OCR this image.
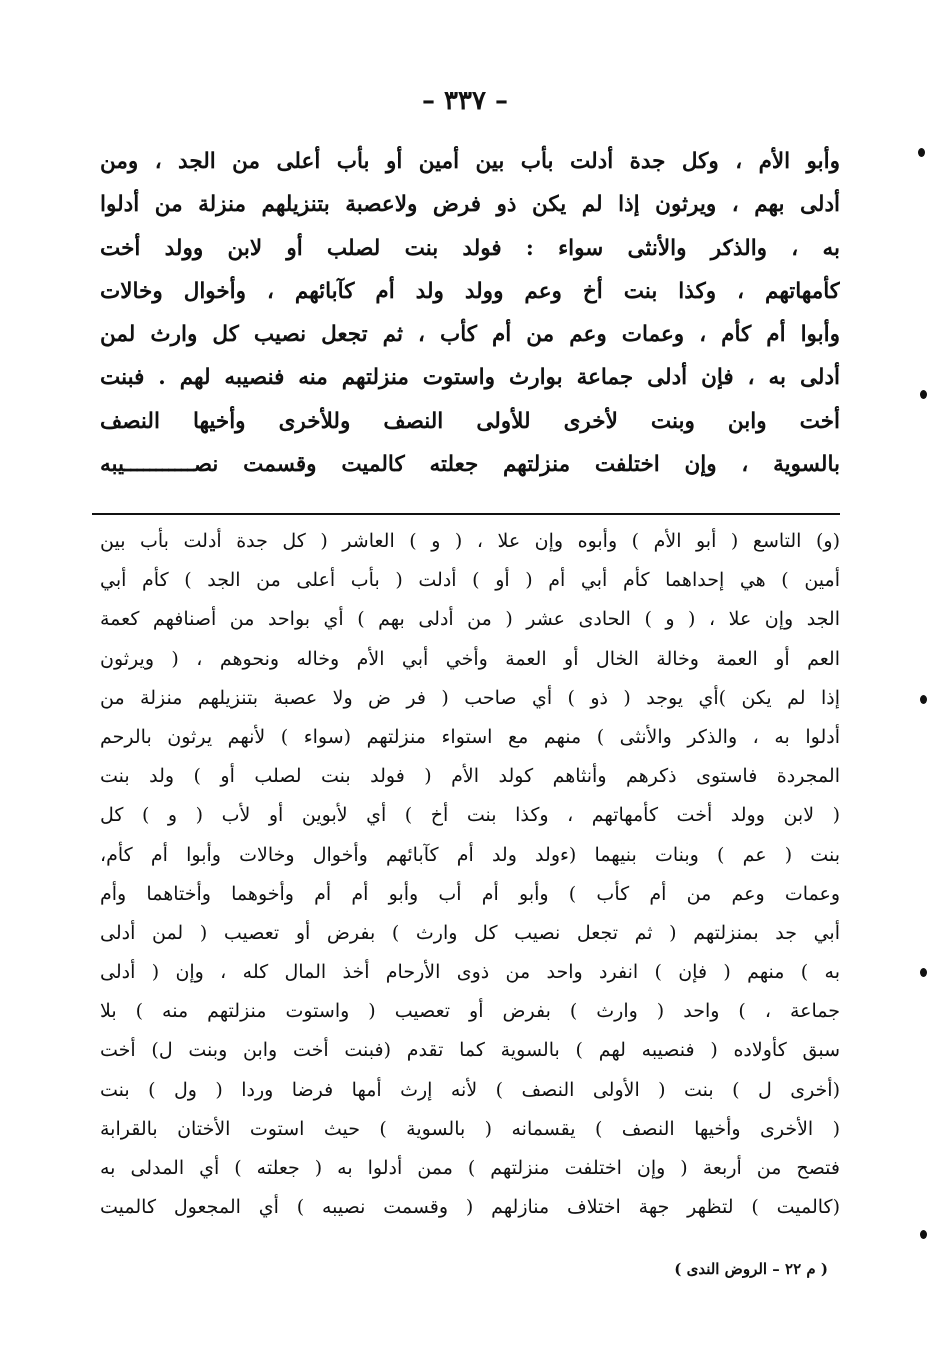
– ٣٣٧ –
وأبو الأم ، وكل جدة أدلت بأب بين أمين أو بأب أعلى من الجد ، ومن
أدلى بهم ، ويرثون إذا لم يكن ذو فرض ولاعصبة بتنزيلهم منزلة من أدلوا
به ، والذكر والأنثى سواء : فولد بنت لصلب أو لابن وولد أخت
كأمهاتهم ، وكذا بنت أخ وعم وولد ولد أم كآبائهم ، وأخوال وخالات
وأبوا أم كأم ، وعمات وعم من أم كأب ، ثم تجعل نصيب كل وارث لمن
أدلى به ، فإن أدلى جماعة بوارث واستوت منزلتهم منه فنصيبه لهم . فبنت
أخت وابن وبنت لأخرى للأولى النصف وللأخرى وأخيها النصف
بالسوية ، وإن اختلفت منزلتهم جعلته كالميت وقسمت نصـــــــــــيبه
(و) التاسع ( أبو الأم ) وأبوه وإن علا ، ( و ) العاشر ( كل جدة أدلت بأب بين
أمين ) هي إحداهما كأم أبي أم ( أو ) أدلت ( بأب أعلى من الجد ) كأم أبي
الجد وإن علا ، ( و ) الحادى عشر ( من أدلى بهم ) أي بواحد من أصنافهم كعمة
العم أو العمة وخالة الخال أو العمة وأخي أبي الأم وخاله ونحوهم ، ( ويرثون
إذا لم يكن )أي يوجد ( ذو ) أي صاحب ( فر ض ولا عصبة بتنزيلهم منزلة من
أدلوا به ، والذكر والأنثى ) منهم مع استواء منزلتهم (سواء ) لأنهم يرثون بالرحم
المجردة فاستوى ذكرهم وأنثاهم كولد الأم ( فولد بنت لصلب أو ) ولد بنت
( لابن وولد أخت كأمهاتهم ، وكذا بنت أخ ) أي لأبوين أو لأب ( و ) كل
بنت ( عم ) وبنات بنيهما (ءولد ولد أم كآبائهم وأخوال وخالات وأبوا أم كأم،
وعمات وعم من أم كأب ) وأبو أم أب وأبو أم أم وأخوهما وأختاهما وأم
أبي جد بمنزلتهم ( ثم تجعل نصيب كل وارث ) بفرض أو تعصيب ( لمن أدلى
به ) منهم ( فإن ) انفرد واحد من ذوى الأرحام أخذ المال كله ، وإن ( أدلى
جماعة ، ) واحد ( وارث ) بفرض أو تعصيب ( واستوت منزلتهم منه ) بلا
سبق كأولاده ( فنصيبه لهم ) بالسوية كما تقدم (فبنت أخت وابن وبنت ل) أخت
(أخرى ل ) بنت ( الأولى النصف ) لأنه إرث أمها فرضا وردا ( ول ) بنت
( الأخرى وأخيها النصف ) يقسمانه ( بالسوية ) حيث استوت الأختان بالقرابة
فتصح من أربعة ( وإن اختلفت منزلتهم ) ممن أدلوا به ( جعلته ) أي المدلى به
(كالميت ) لتظهر جهة اختلاف منازلهم ( وقسمت نصيبه ) أي المجعول كالميت
( م ٢٢ – الروض الندى )
